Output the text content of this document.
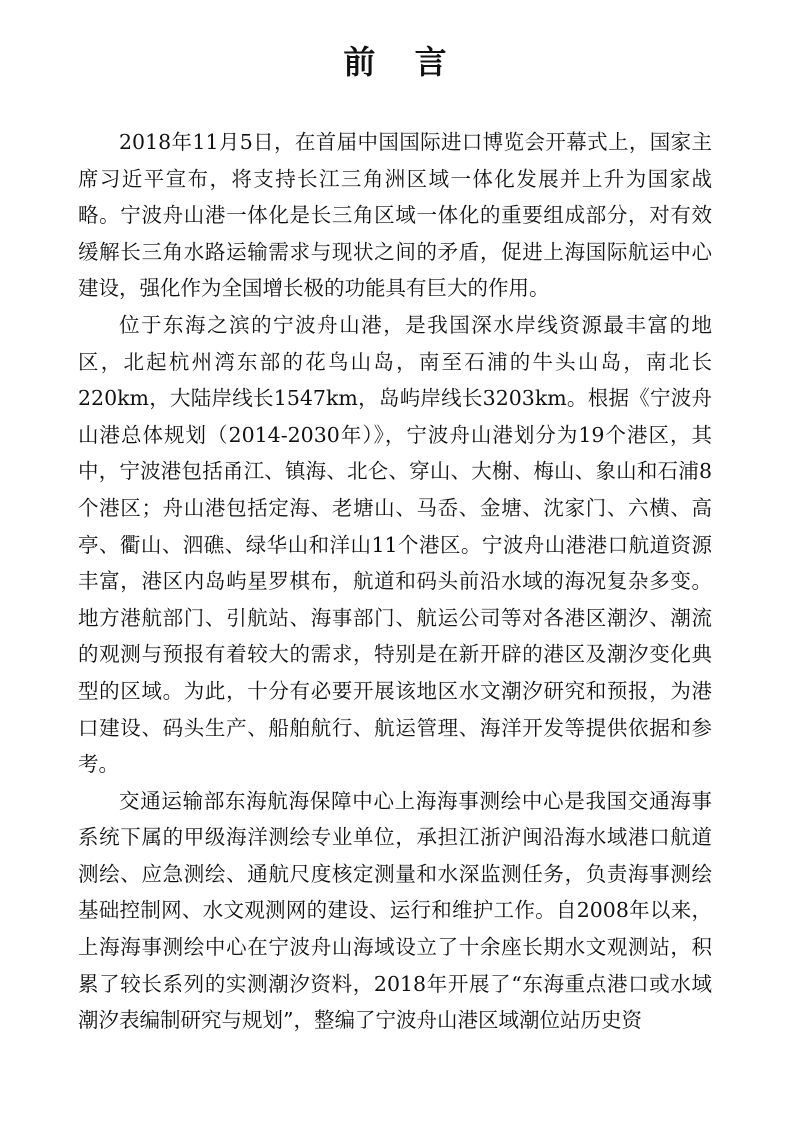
前 言

2018年11月5日，在首届中国国际进口博览会开幕式上，国家主席习近平宣布，将支持长江三角洲区域一体化发展并上升为国家战略。宁波舟山港一体化是长三角区域一体化的重要组成部分，对有效缓解长三角水路运输需求与现状之间的矛盾，促进上海国际航运中心建设，强化作为全国增长极的功能具有巨大的作用。

位于东海之滨的宁波舟山港，是我国深水岸线资源最丰富的地区，北起杭州湾东部的花鸟山岛，南至石浦的牛头山岛，南北长220km，大陆岸线长1547km，岛屿岸线长3203km。根据《宁波舟山港总体规划（2014-2030年）》，宁波舟山港划分为19个港区，其中，宁波港包括甬江、镇海、北仑、穿山、大榭、梅山、象山和石浦8个港区；舟山港包括定海、老塘山、马岙、金塘、沈家门、六横、高亭、衢山、泗礁、绿华山和洋山11个港区。宁波舟山港港口航道资源丰富，港区内岛屿星罗棋布，航道和码头前沿水域的海况复杂多变。地方港航部门、引航站、海事部门、航运公司等对各港区潮汐、潮流的观测与预报有着较大的需求，特别是在新开辟的港区及潮汐变化典型的区域。为此，十分有必要开展该地区水文潮汐研究和预报，为港口建设、码头生产、船舶航行、航运管理、海洋开发等提供依据和参考。

交通运输部东海航海保障中心上海海事测绘中心是我国交通海事系统下属的甲级海洋测绘专业单位，承担江浙沪闽沿海水域港口航道测绘、应急测绘、通航尺度核定测量和水深监测任务，负责海事测绘基础控制网、水文观测网的建设、运行和维护工作。自2008年以来，上海海事测绘中心在宁波舟山海域设立了十余座长期水文观测站，积累了较长系列的实测潮汐资料，2018年开展了“东海重点港口或水域潮汐表编制研究与规划”，整编了宁波舟山港区域潮位站历史资
